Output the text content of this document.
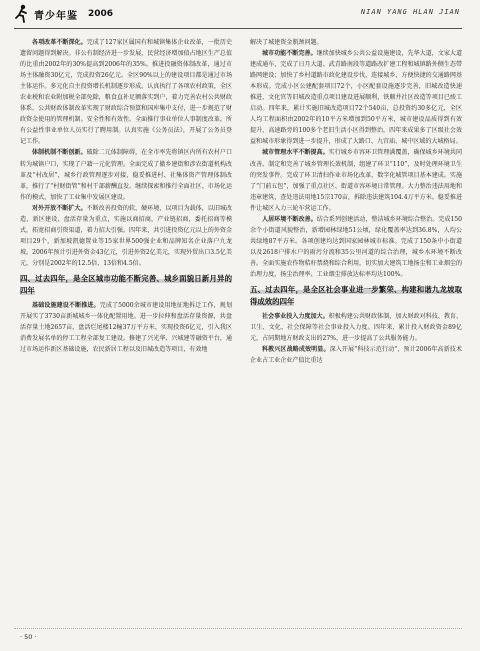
青少年鉴 2006	NIAN YANG HLAN JIAN

各项改革不断深化。完成了127家区属国有和城镇集体企业改革，一批历史遗留问题得到解决。非公有制经济进一步发展，民营经济增加值占地区生产总值的比重由2002年的30%提高到2006年的35%。推进投融资体制改革，通过市场主体融资30亿元，完成投资26亿元。全区90%以上的建设项目都是通过市场主体运作。多元化自主投资增长机制逐步形成。认真执行了各项农村政策，全区农业税和农业附加税全部免除，粮食直补足额落实到户，着力完善农村公共财政体系。公共财政体制改革实现了财政综合预算和国库集中支付，进一步规范了财政资金使用的管理机制。安全性和有效性。全面推行事业单位人事制度改革，所有公益性事业单位人员实行了聘用制。认真实施《公务员法》，开展了公务员登记工作。

体制机制不断创新。破除二元体制障碍，在全市率先将镇区内所有农村户口转为城镇户口，实现了户籍一元化管理。全面完成了撤乡建街和涉农街道机构改革及“村改居”，城乡行政管理逐步对接，稳妥推进村、社集体资产管理体制改革，推行了“村财街管”和村干部薪酬直发。继续探索和推行全面社区、市场化运作的模式，加快了工业集中发展区建设。

对外开放不断扩大。不断改善投资的软、硬环境，以项目为载体，以旧城改造、新区建设、盘活存量为重点，实施以商招商，产业链招商，委托招商等模式，拓宽招商引资渠道，着力招大引强。四年来，共引进投资亿元以上的外资金项目29个，新加坡凯德置业等15家世界500强企业和品牌知名企业落户九龙坡。2006年预计引进外资金43亿元，引进外资2亿美元，实现外贸出口3.5亿美元，分别是2002年的12.5倍、13倍和4.5倍。

四、过去四年，是全区城市功能不断完善、城乡面貌日新月异的四年

基础设施建设不断推进。完成了5000余城市建设用地征地拆迁工作，规划开展实了3730亩新城城乡一体化配置用地。进一步拉伸和盘活存量资源，共盘活存量土地2657亩，盘活烂尾楼12幢37万平方米，实现投资6亿元，引入我区消费发展名单的停工工程全部复工建设。修建了兴光华、兴城建等融资平台，通过市场运作新区基础设施，农民新居工程以及旧城改造等项目，有效地

解决了城建资金瓶颈问题。

城市功能不断完善。继续加快城乡公共公益设施建设，先华大道，文家大道建成通车，完成了日月大道、武青路南段等道路改扩建工程和城镇路外侧生态带路网建设；加快了乡村道路市政化建设步伐，连接城乡、方便快捷的交通路网基本形成。完成小区公建配套项目72个，小区配套设施逐步完善，旧城改造快速推进，文化官等旧城改造重点项目建设进展顺利，铁顺井社区改造等项目已竣工启动。四年来，累计实施旧城改造项目72个540亩，总投资约30多亿元，全区人均工程面积由2002年的10平方米增加到50平方米，城市建设品质得到有效提升，高速路旁的100多个老旧生活小区得到整治，四年来成果多了区级社会效益和城市形象得到进一步提升，形成了大路口、九宫庙、城中区域的大城格局。

城市管理水平不断提高。实行城乡市容环卫管理满覆盖，确保城乡环境共同改善。制定和完善了城乡管理长效机制，组建了环卫“110”，及时处理环境卫生的突发事件。完成了环卫清扫作业市场化改革，数字化城管项目基本建成。实施了“门前五包”，加强了重点社区、街道市容环境日常管理。大力整治违法用地和违章建筑，查处违法用地15宗170亩，拆除违法建筑104.4万平方米。稳妥推进件让城区入力三轮车营运工作。

人居环境不断改善。结合系列创建活动，整洁城乡环境综合整治。完成150余个小街道风貌整治，新增园林绿地51公顷，绿化覆盖率达到36.8%，人均公共绿地87平方米。各项创建均达到国家园林城市标准。完成了150条中小街道以及2618户排水户的雨污分流和35公里河道的综合治理，城乡水环境不断改善。全面实施农作物秸秆禁烧和综合利用，切实加大建筑工地扬尘和工业烟尘的治理力度，扬尘治理率、工业烟尘排放达标率均达100%。

五、过去四年，是全区社会事业进一步繁荣、构建和谐九龙坡取得成效的四年

社会事业投入力度加大。积极构建公共财政体制，加大财政对科技、教育、卫生、文化、社会保障等社会事业投入力度。四年来，累计投入财政资金89亿元，占同期地方财政支出的27%，进一步提高了公共服务能力。

科教兴区战略成效明显。深入开展“科技示范行动”，预计2006年高新技术企业占工业企业产值比重达

· 50 ·
